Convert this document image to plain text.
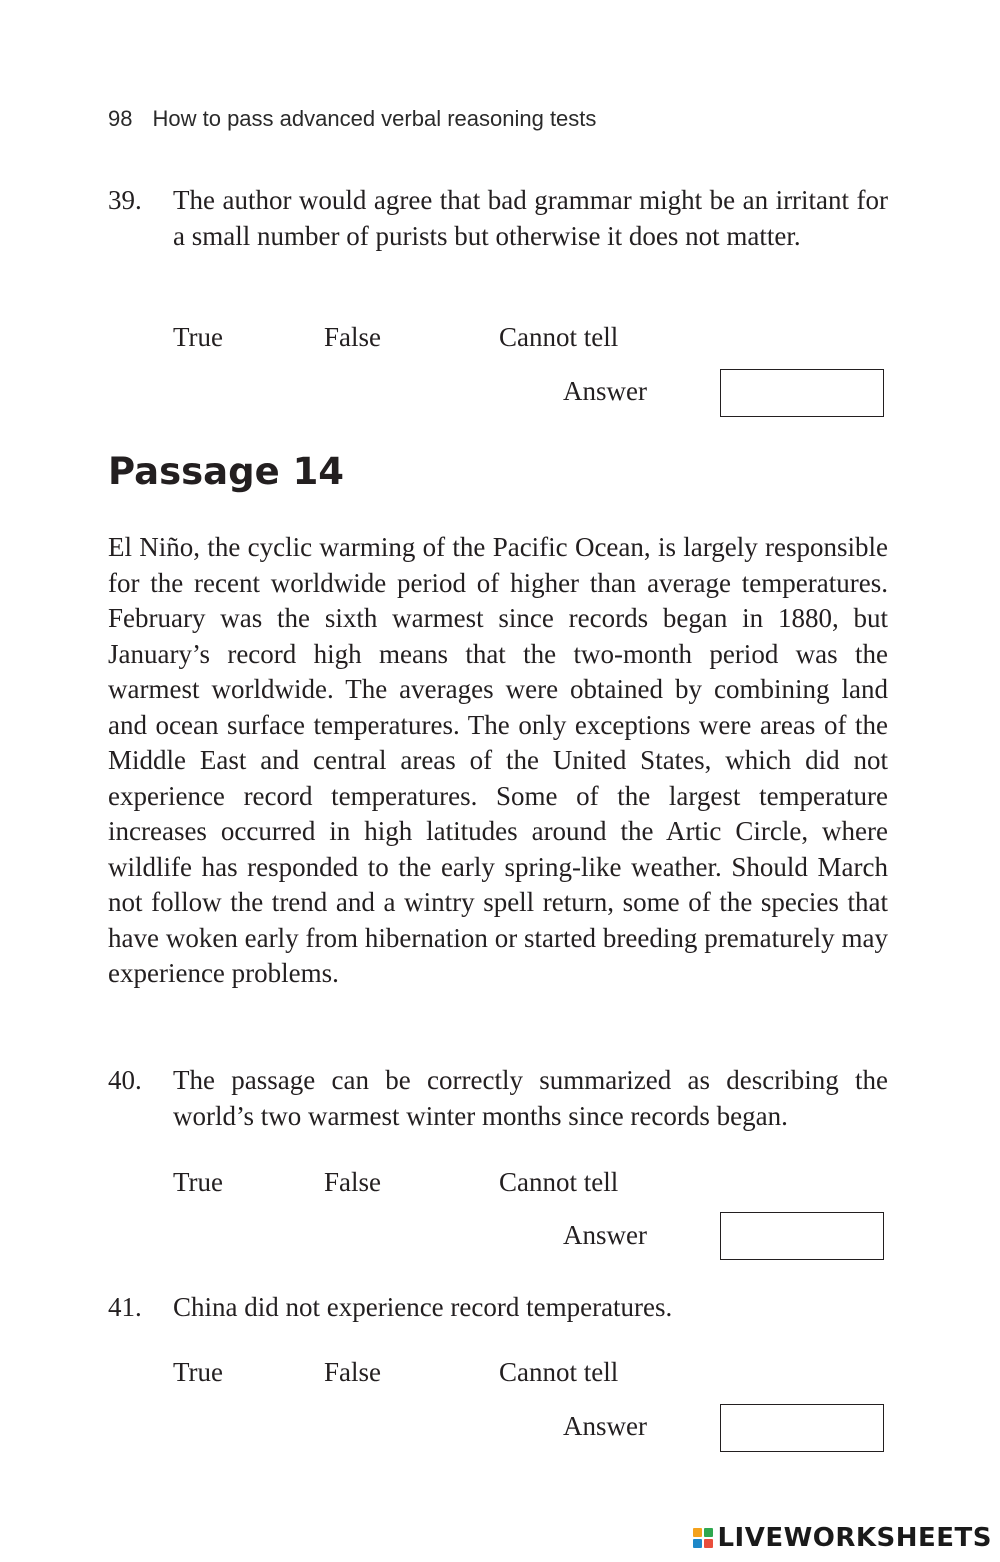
98 How to pass advanced verbal reasoning tests
39. The author would agree that bad grammar might be an irritant for a small number of purists but otherwise it does not matter.
True	False	Cannot tell
Answer
Passage 14
El Niño, the cyclic warming of the Pacific Ocean, is largely responsible for the recent worldwide period of higher than average temperatures. February was the sixth warmest since records began in 1880, but January’s record high means that the two-month period was the warmest worldwide. The averages were obtained by combining land and ocean surface temperatures. The only exceptions were areas of the Middle East and central areas of the United States, which did not experience record temperatures. Some of the largest temperature increases occurred in high latitudes around the Artic Circle, where wildlife has responded to the early spring-like weather. Should March not follow the trend and a wintry spell return, some of the species that have woken early from hibernation or started breeding prematurely may experience problems.
40. The passage can be correctly summarized as describing the world’s two warmest winter months since records began.
True	False	Cannot tell
Answer
41. China did not experience record temperatures.
True	False	Cannot tell
Answer
LIVEWORKSHEETS
